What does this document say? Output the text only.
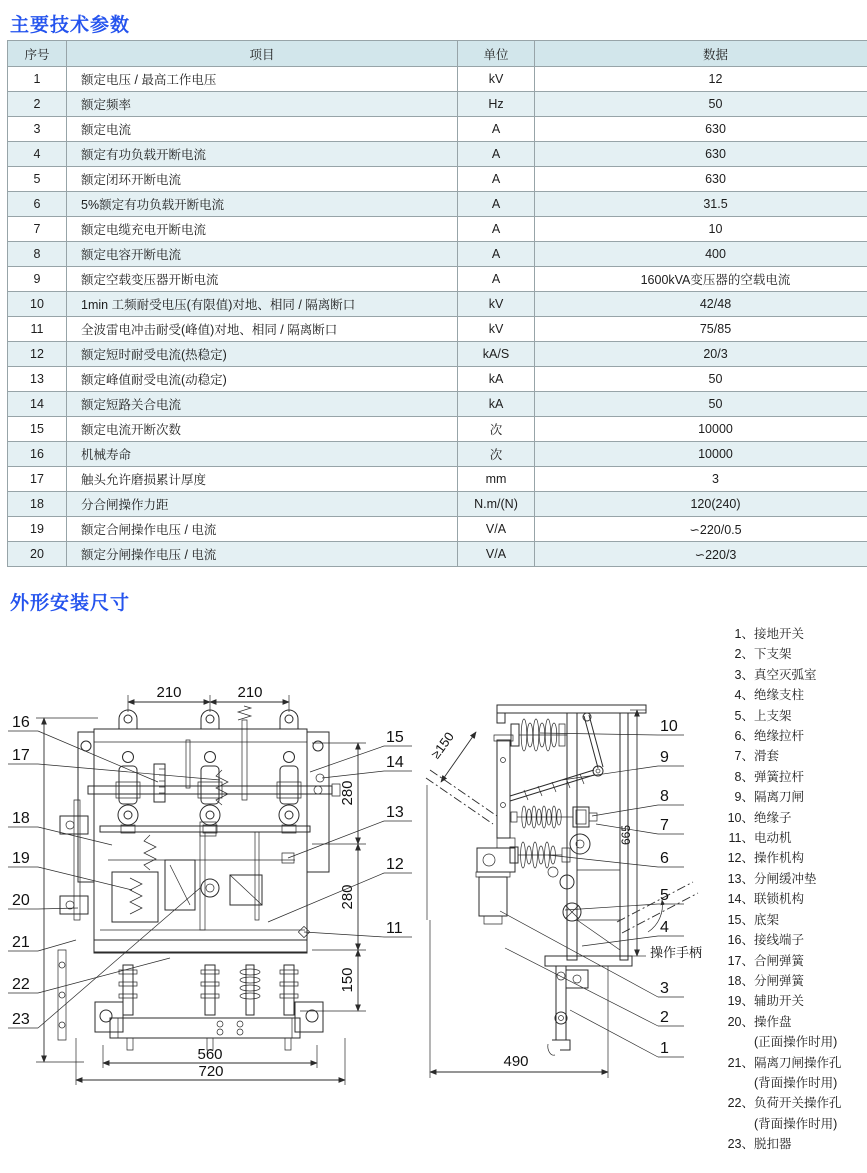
主要技术参数
序号	项目	单位	数据
1	额定电压 / 最高工作电压	kV	12
2	额定频率	Hz	50
3	额定电流	A	630
4	额定有功负载开断电流	A	630
5	额定闭环开断电流	A	630
6	5%额定有功负载开断电流	A	31.5
7	额定电缆充电开断电流	A	10
8	额定电容开断电流	A	400
9	额定空载变压器开断电流	A	1600kVA变压器的空载电流
10	1min 工频耐受电压(有限值)对地、相同 / 隔离断口	kV	42/48
11	全波雷电冲击耐受(峰值)对地、相同 / 隔离断口	kV	75/85
12	额定短时耐受电流(热稳定)	kA/S	20/3
13	额定峰值耐受电流(动稳定)	kA	50
14	额定短路关合电流	kA	50
15	额定电流开断次数	次	10000
16	机械寿命	次	10000
17	触头允许磨损累计厚度	mm	3
18	分合闸操作力距	N.m/(N)	120(240)
19	额定合闸操作电压 / 电流	V/A	∽220/0.5
20	额定分闸操作电压 / 电流	V/A	∽220/3
外形安装尺寸
210	210
280
280
150
560
720
16
17
18
19
20
21
22
23
15
14
13
12
11
≥150
665
490
10
9
8
7
6
5
4
3
2
1
操作手柄
1、 接地开关
2、 下支架
3、 真空灭弧室
4、 绝缘支柱
5、 上支架
6、 绝缘拉杆
7、 滑套
8、 弹簧拉杆
9、 隔离刀闸
10、 绝缘子
11、 电动机
12、 操作机构
13、 分闸缓冲垫
14、 联锁机构
15、 底架
16、 接线端子
17、 合闸弹簧
18、 分闸弹簧
19、 辅助开关
20、 操作盘
(正面操作时用)
21、 隔离刀闸操作孔
(背面操作时用)
22、 负荷开关操作孔
(背面操作时用)
23、 脱扣器
